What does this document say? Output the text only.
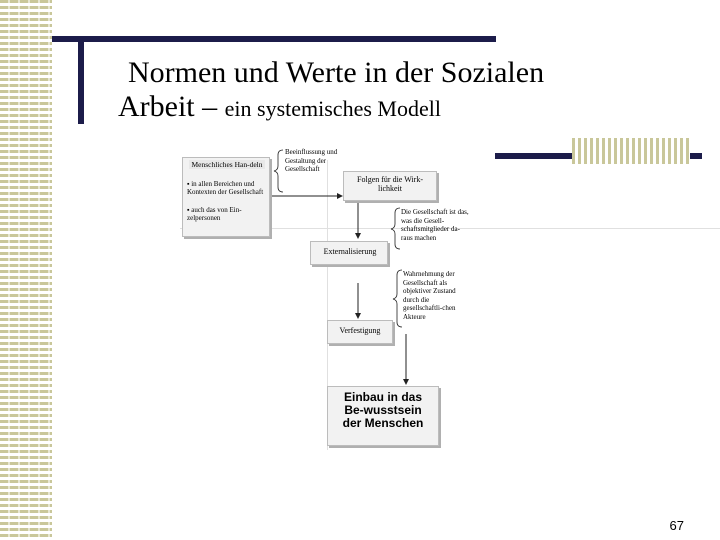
Normen und Werte in der Sozialen
Arbeit – ein systemisches Modell
Menschliches Han-deln
▪ in allen Bereichen und Kontexten der Gesellschaft
▪ auch das von Ein-zelpersonen
Beeinflussung und Gestaltung der Gesellschaft
Folgen für die Wirk-lichkeit
Die Gesellschaft ist das, was die Gesell-schaftsmitglieder da-raus machen
Externalisierung
Wahrnehmung der Gesellschaft als objektiver Zustand durch die gesellschaftli-chen Akteure
Verfestigung
Einbau in das Be-wusstsein der Menschen
67
